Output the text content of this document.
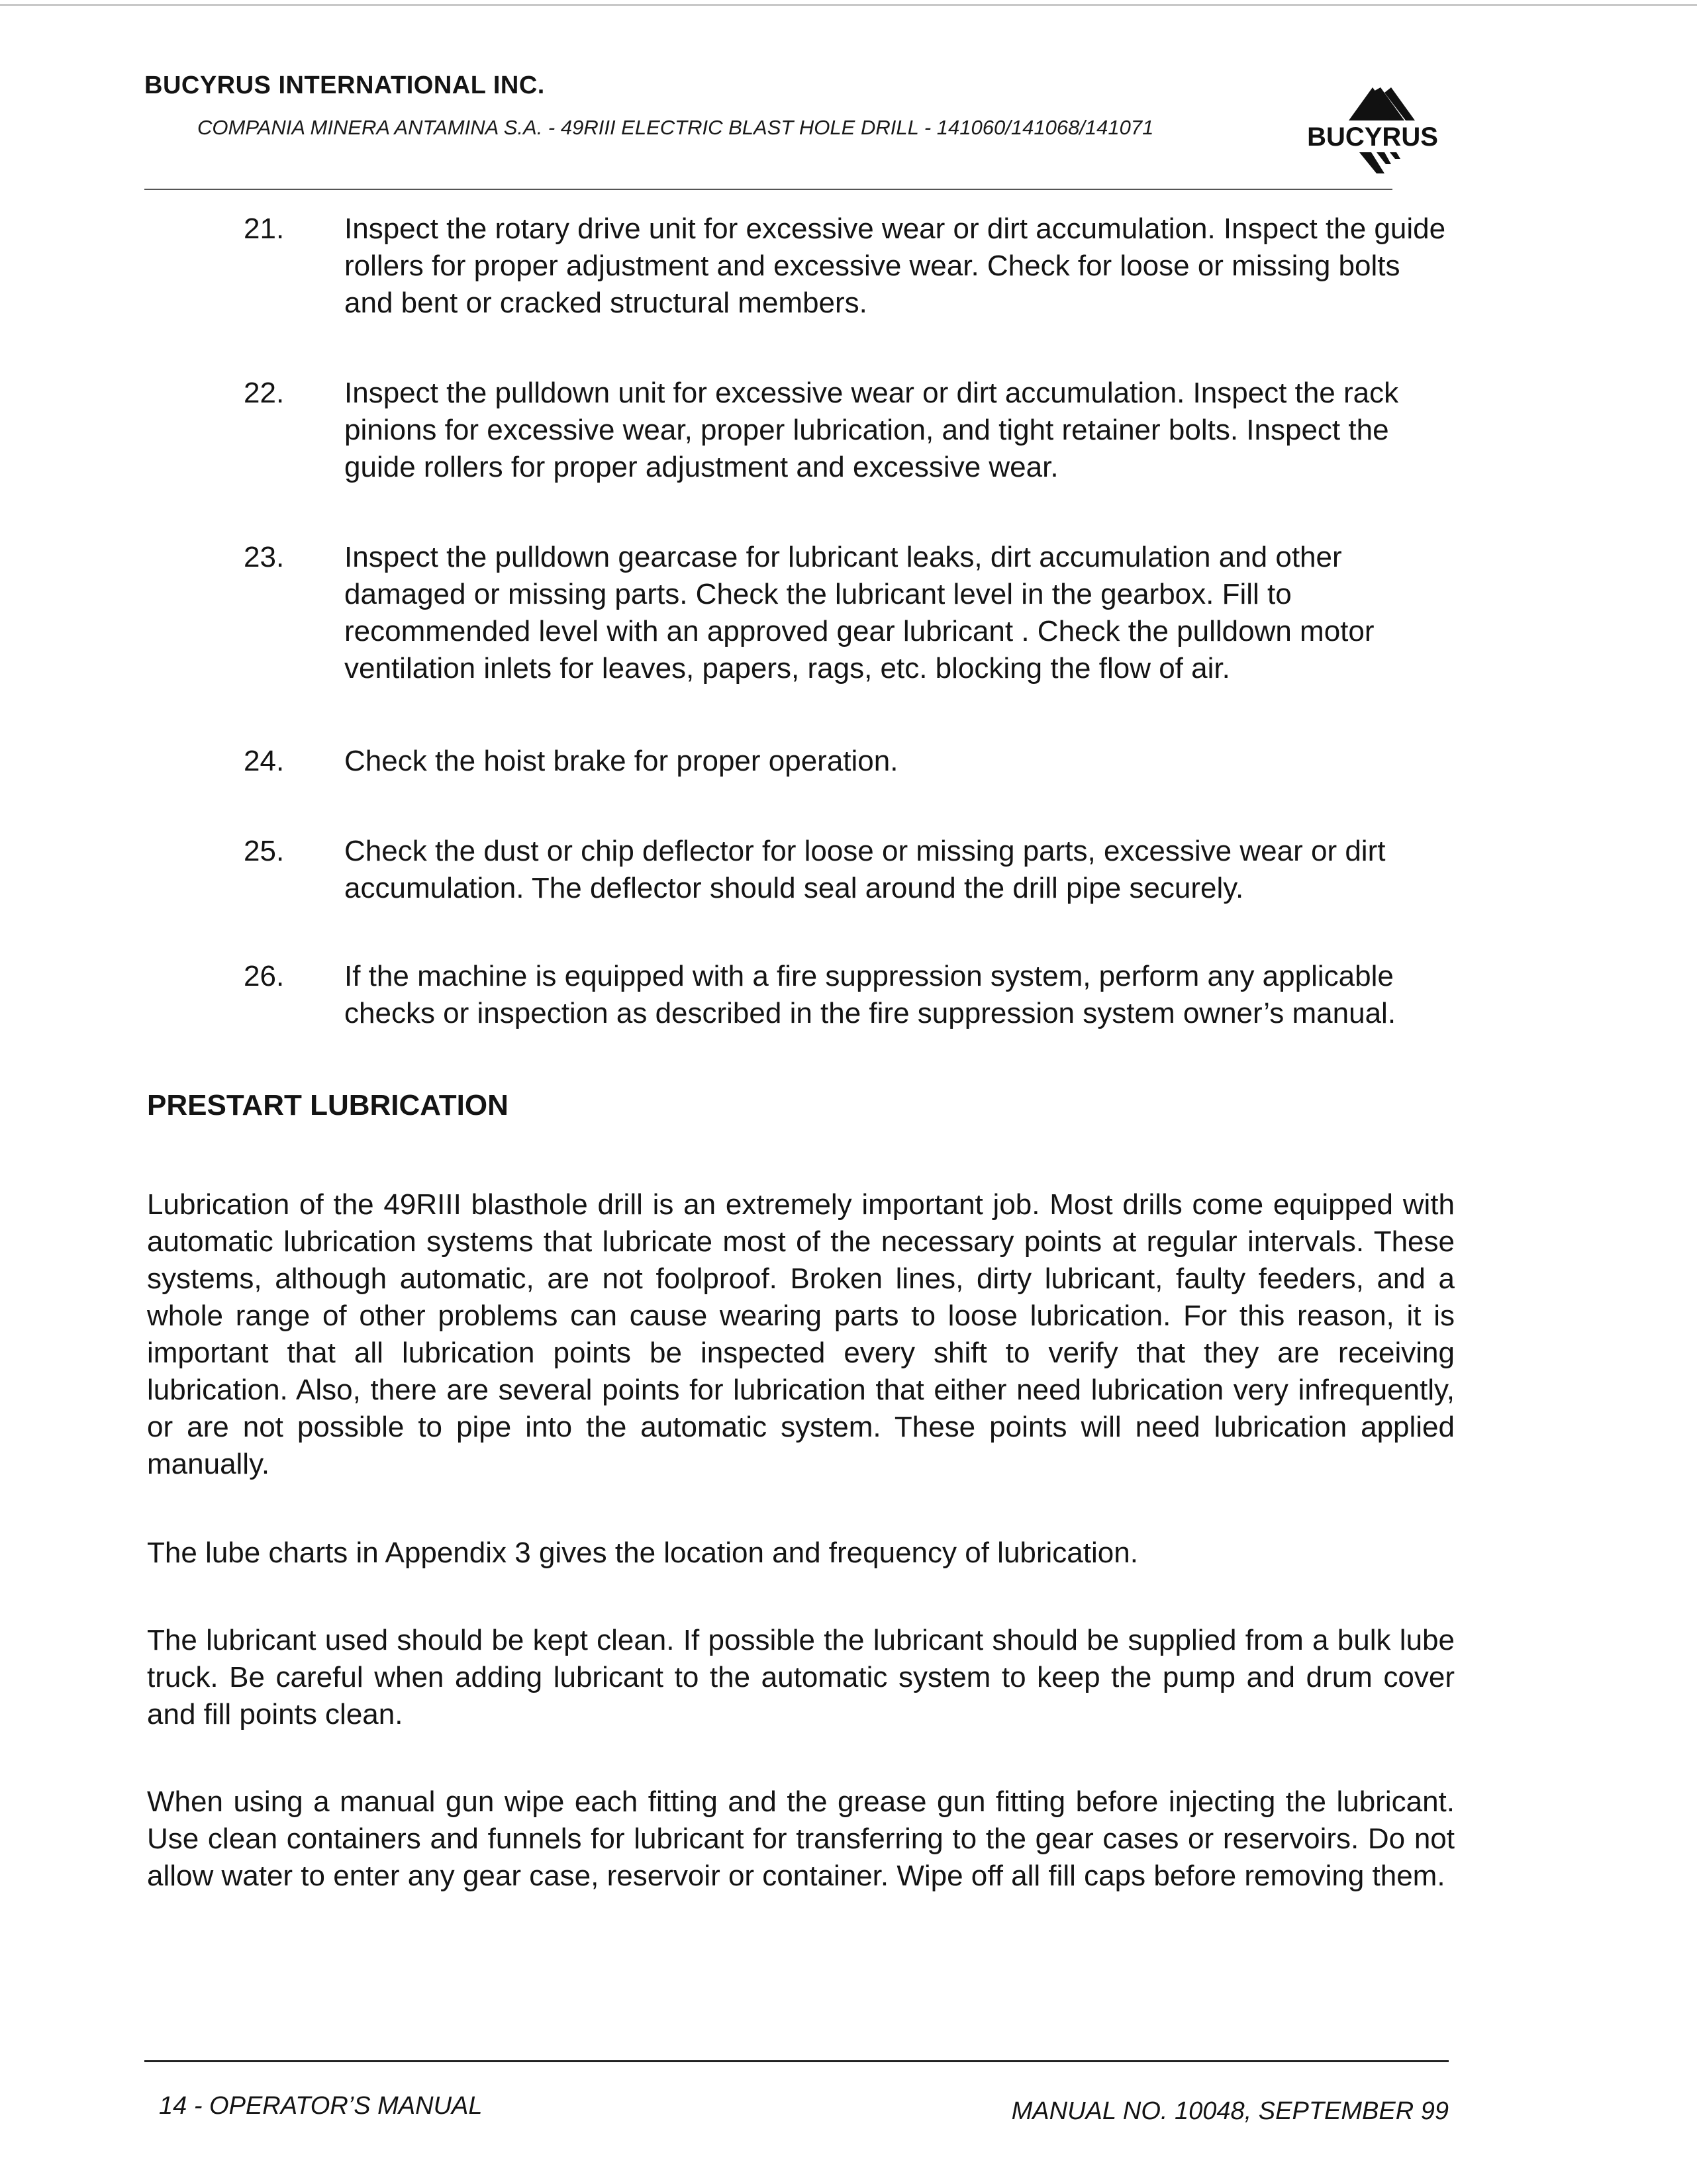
BUCYRUS INTERNATIONAL INC.
COMPANIA MINERA ANTAMINA S.A. - 49RIII ELECTRIC BLAST HOLE DRILL - 141060/141068/141071	BUCYRUS
21. Inspect the rotary drive unit for excessive wear or dirt accumulation. Inspect the guide rollers for proper adjustment and excessive wear. Check for loose or missing bolts and bent or cracked structural members.
22. Inspect the pulldown unit for excessive wear or dirt accumulation. Inspect the rack pinions for excessive wear, proper lubrication, and tight retainer bolts. Inspect the guide rollers for proper adjustment and excessive wear.
23. Inspect the pulldown gearcase for lubricant leaks, dirt accumulation and other damaged or missing parts. Check the lubricant level in the gearbox. Fill to recommended level with an approved gear lubricant . Check the pulldown motor ventilation inlets for leaves, papers, rags, etc. blocking the flow of air.
24. Check the hoist brake for proper operation.
25. Check the dust or chip deflector for loose or missing parts, excessive wear or dirt accumulation. The deflector should seal around the drill pipe securely.
26. If the machine is equipped with a fire suppression system, perform any applicable checks or inspection as described in the fire suppression system owner’s manual.
PRESTART LUBRICATION
Lubrication of the 49RIII blasthole drill is an extremely important job. Most drills come equipped with automatic lubrication systems that lubricate most of the necessary points at regular intervals. These systems, although automatic, are not foolproof. Broken lines, dirty lubricant, faulty feeders, and a whole range of other problems can cause wearing parts to loose lubrication. For this reason, it is important that all lubrication points be inspected every shift to verify that they are receiving lubrication. Also, there are several points for lubrication that either need lubrication very infrequently, or are not possible to pipe into the automatic system. These points will need lubrication applied manually.
The lube charts in Appendix 3 gives the location and frequency of lubrication.
The lubricant used should be kept clean. If possible the lubricant should be supplied from a bulk lube truck. Be careful when adding lubricant to the automatic system to keep the pump and drum cover and fill points clean.
When using a manual gun wipe each fitting and the grease gun fitting before injecting the lubricant. Use clean containers and funnels for lubricant for transferring to the gear cases or reservoirs. Do not allow water to enter any gear case, reservoir or container. Wipe off all fill caps before removing them.
14 - OPERATOR’S MANUAL	MANUAL NO. 10048, SEPTEMBER 99
